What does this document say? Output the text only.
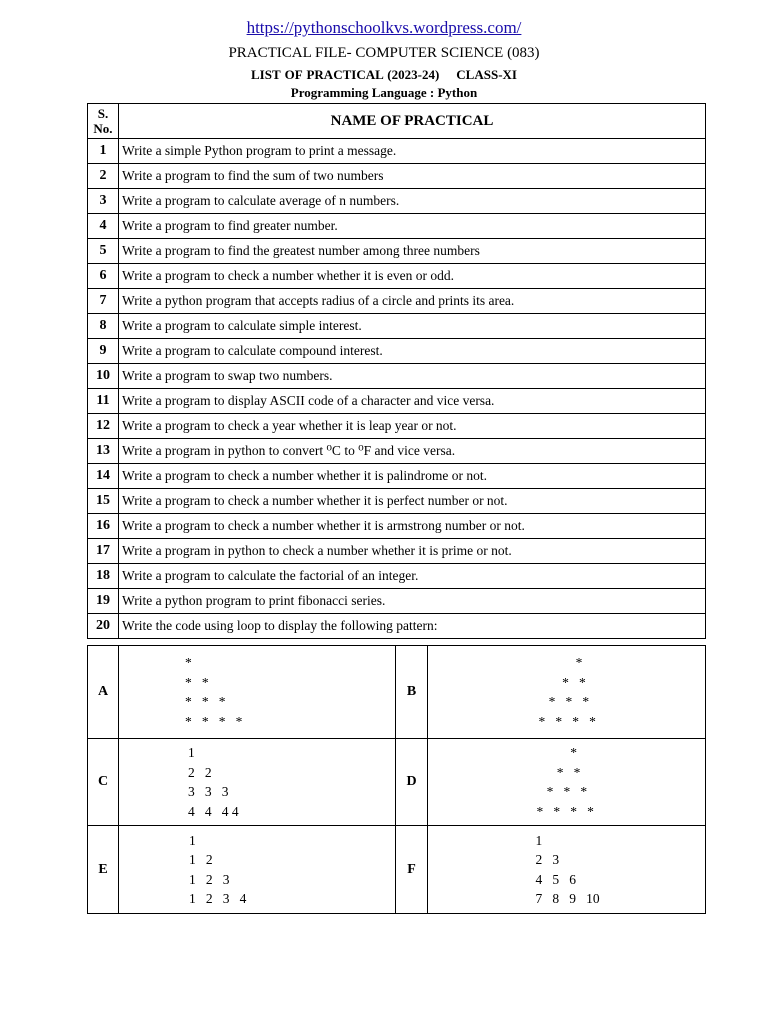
https://pythonschoolkvs.wordpress.com/
PRACTICAL FILE- COMPUTER SCIENCE (083)
LIST OF PRACTICAL (2023-24)    CLASS-XI
Programming Language : Python
S.
No.	NAME OF PRACTICAL
1	Write a simple Python program to print a message.
2	Write a program to find the sum of two numbers
3	Write a program to calculate average of n numbers.
4	Write a program to find greater number.
5	Write a program to find the greatest number among three numbers
6	Write a program to check a number whether it is even or odd.
7	Write a python program that accepts radius of a circle and prints its area.
8	Write a program to calculate simple interest.
9	Write a program to calculate compound interest.
10	Write a program to swap two numbers.
11	Write a program to display ASCII code of a character and vice versa.
12	Write a program to check a year whether it is leap year or not.
13	Write a program in python to convert ⁰C to ⁰F and vice versa.
14	Write a program to check a number whether it is palindrome or not.
15	Write a program to check a number whether it is perfect number or not.
16	Write a program to check a number whether it is armstrong number or not.
17	Write a program in python to check a number whether it is prime or not.
18	Write a program to calculate the factorial of an integer.
19	Write a python program to print fibonacci series.
20	Write the code using loop to display the following pattern:
A	*
*   *
*   *   *
*   *   *   *	B	*
*   *
*   *   *
*   *   *   *

C	1
2   2
3   3   3
4   4   4 4	D	*
*   *
*   *   *
*   *   *   *

E	1
1   2
1   2   3
1   2   3   4	F	1
2   3
4   5   6
7   8   9   10
